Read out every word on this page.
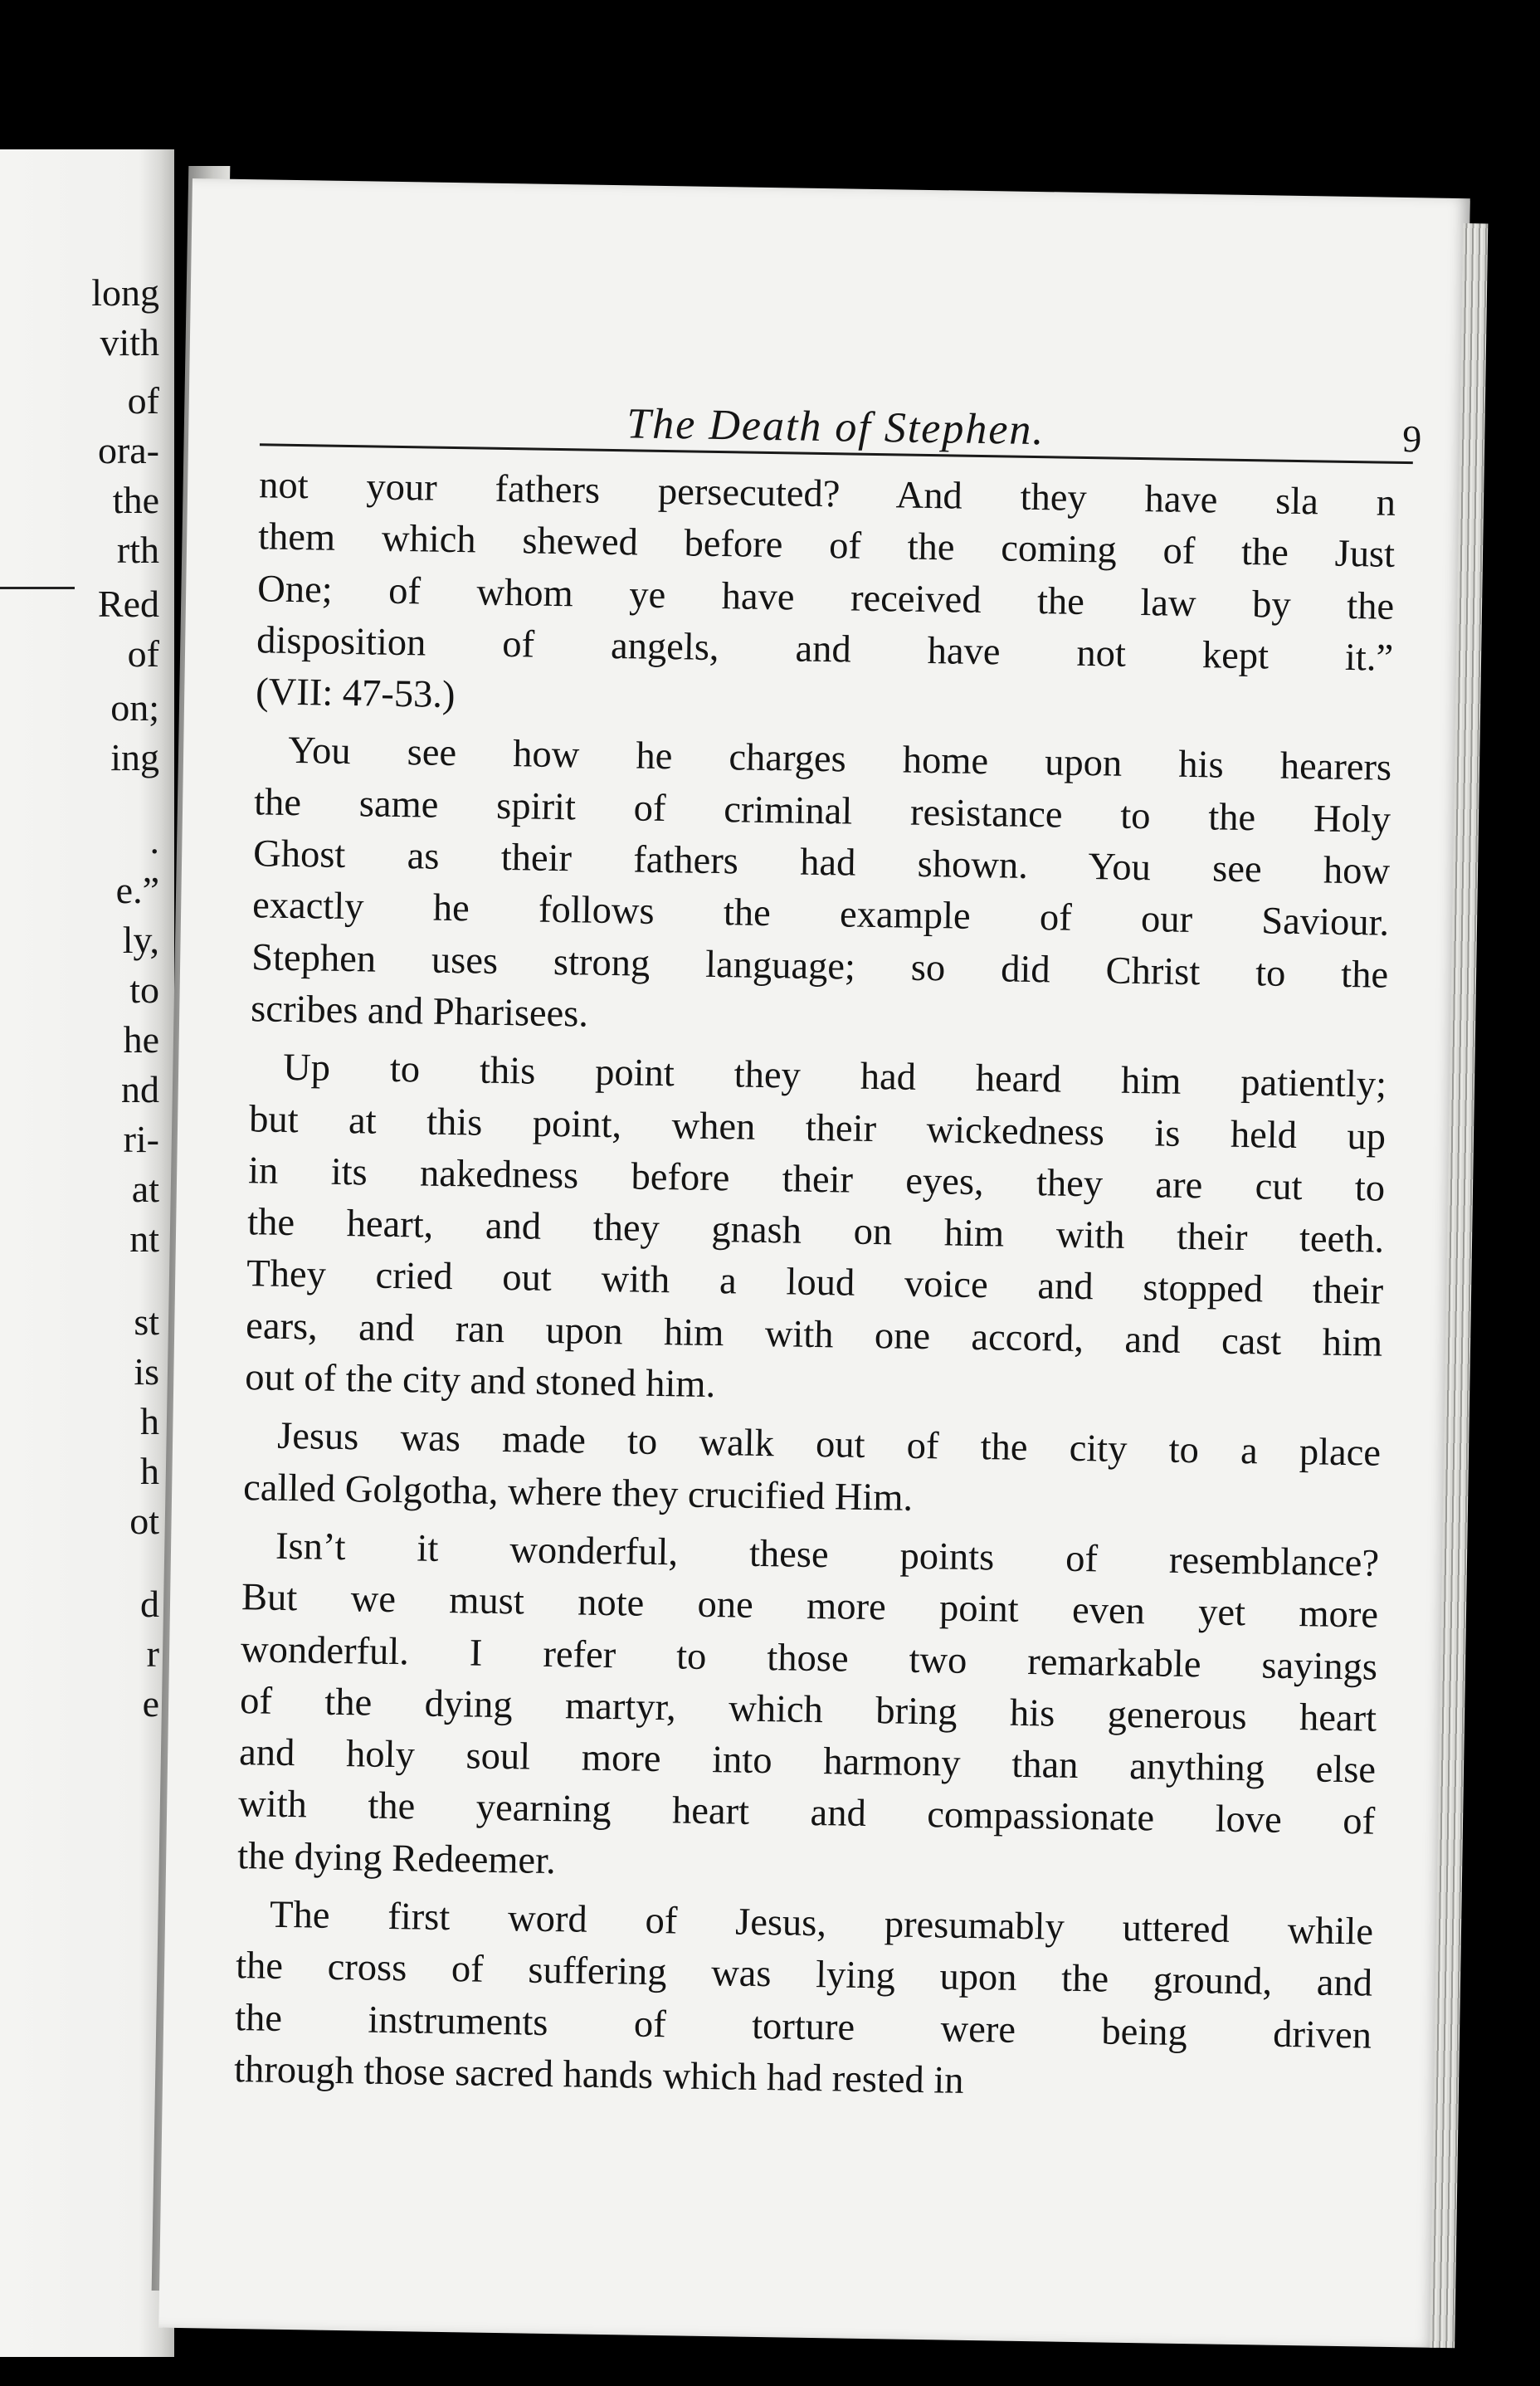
long
vith
of
ora-
the
rth
Red
of
on;
ing
.
e.”
ly,
to
he
nd
ri-
at
nt
st
is
h
h
ot
d
r
e
The Death of Stephen.	9

not your fathers persecuted? And they have sla n
them which shewed before of the coming of the Just
One; of whom ye have received the law by the
disposition of angels, and have not kept it.”
(VII: 47-53.)

You see how he charges home upon his hearers
the same spirit of criminal resistance to the Holy
Ghost as their fathers had shown. You see how
exactly he follows the example of our Saviour.
Stephen uses strong language; so did Christ to the
scribes and Pharisees.

Up to this point they had heard him patiently;
but at this point, when their wickedness is held up
in its nakedness before their eyes, they are cut to
the heart, and they gnash on him with their teeth.
They cried out with a loud voice and stopped their
ears, and ran upon him with one accord, and cast him
out of the city and stoned him.

Jesus was made to walk out of the city to a place
called Golgotha, where they crucified Him.

Isn’t it wonderful, these points of resemblance?
But we must note one more point even yet more
wonderful. I refer to those two remarkable sayings
of the dying martyr, which bring his generous heart
and holy soul more into harmony than anything else
with the yearning heart and compassionate love of
the dying Redeemer.

The first word of Jesus, presumably uttered while
the cross of suffering was lying upon the ground, and
the instruments of torture were being driven
through those sacred hands which had rested in
